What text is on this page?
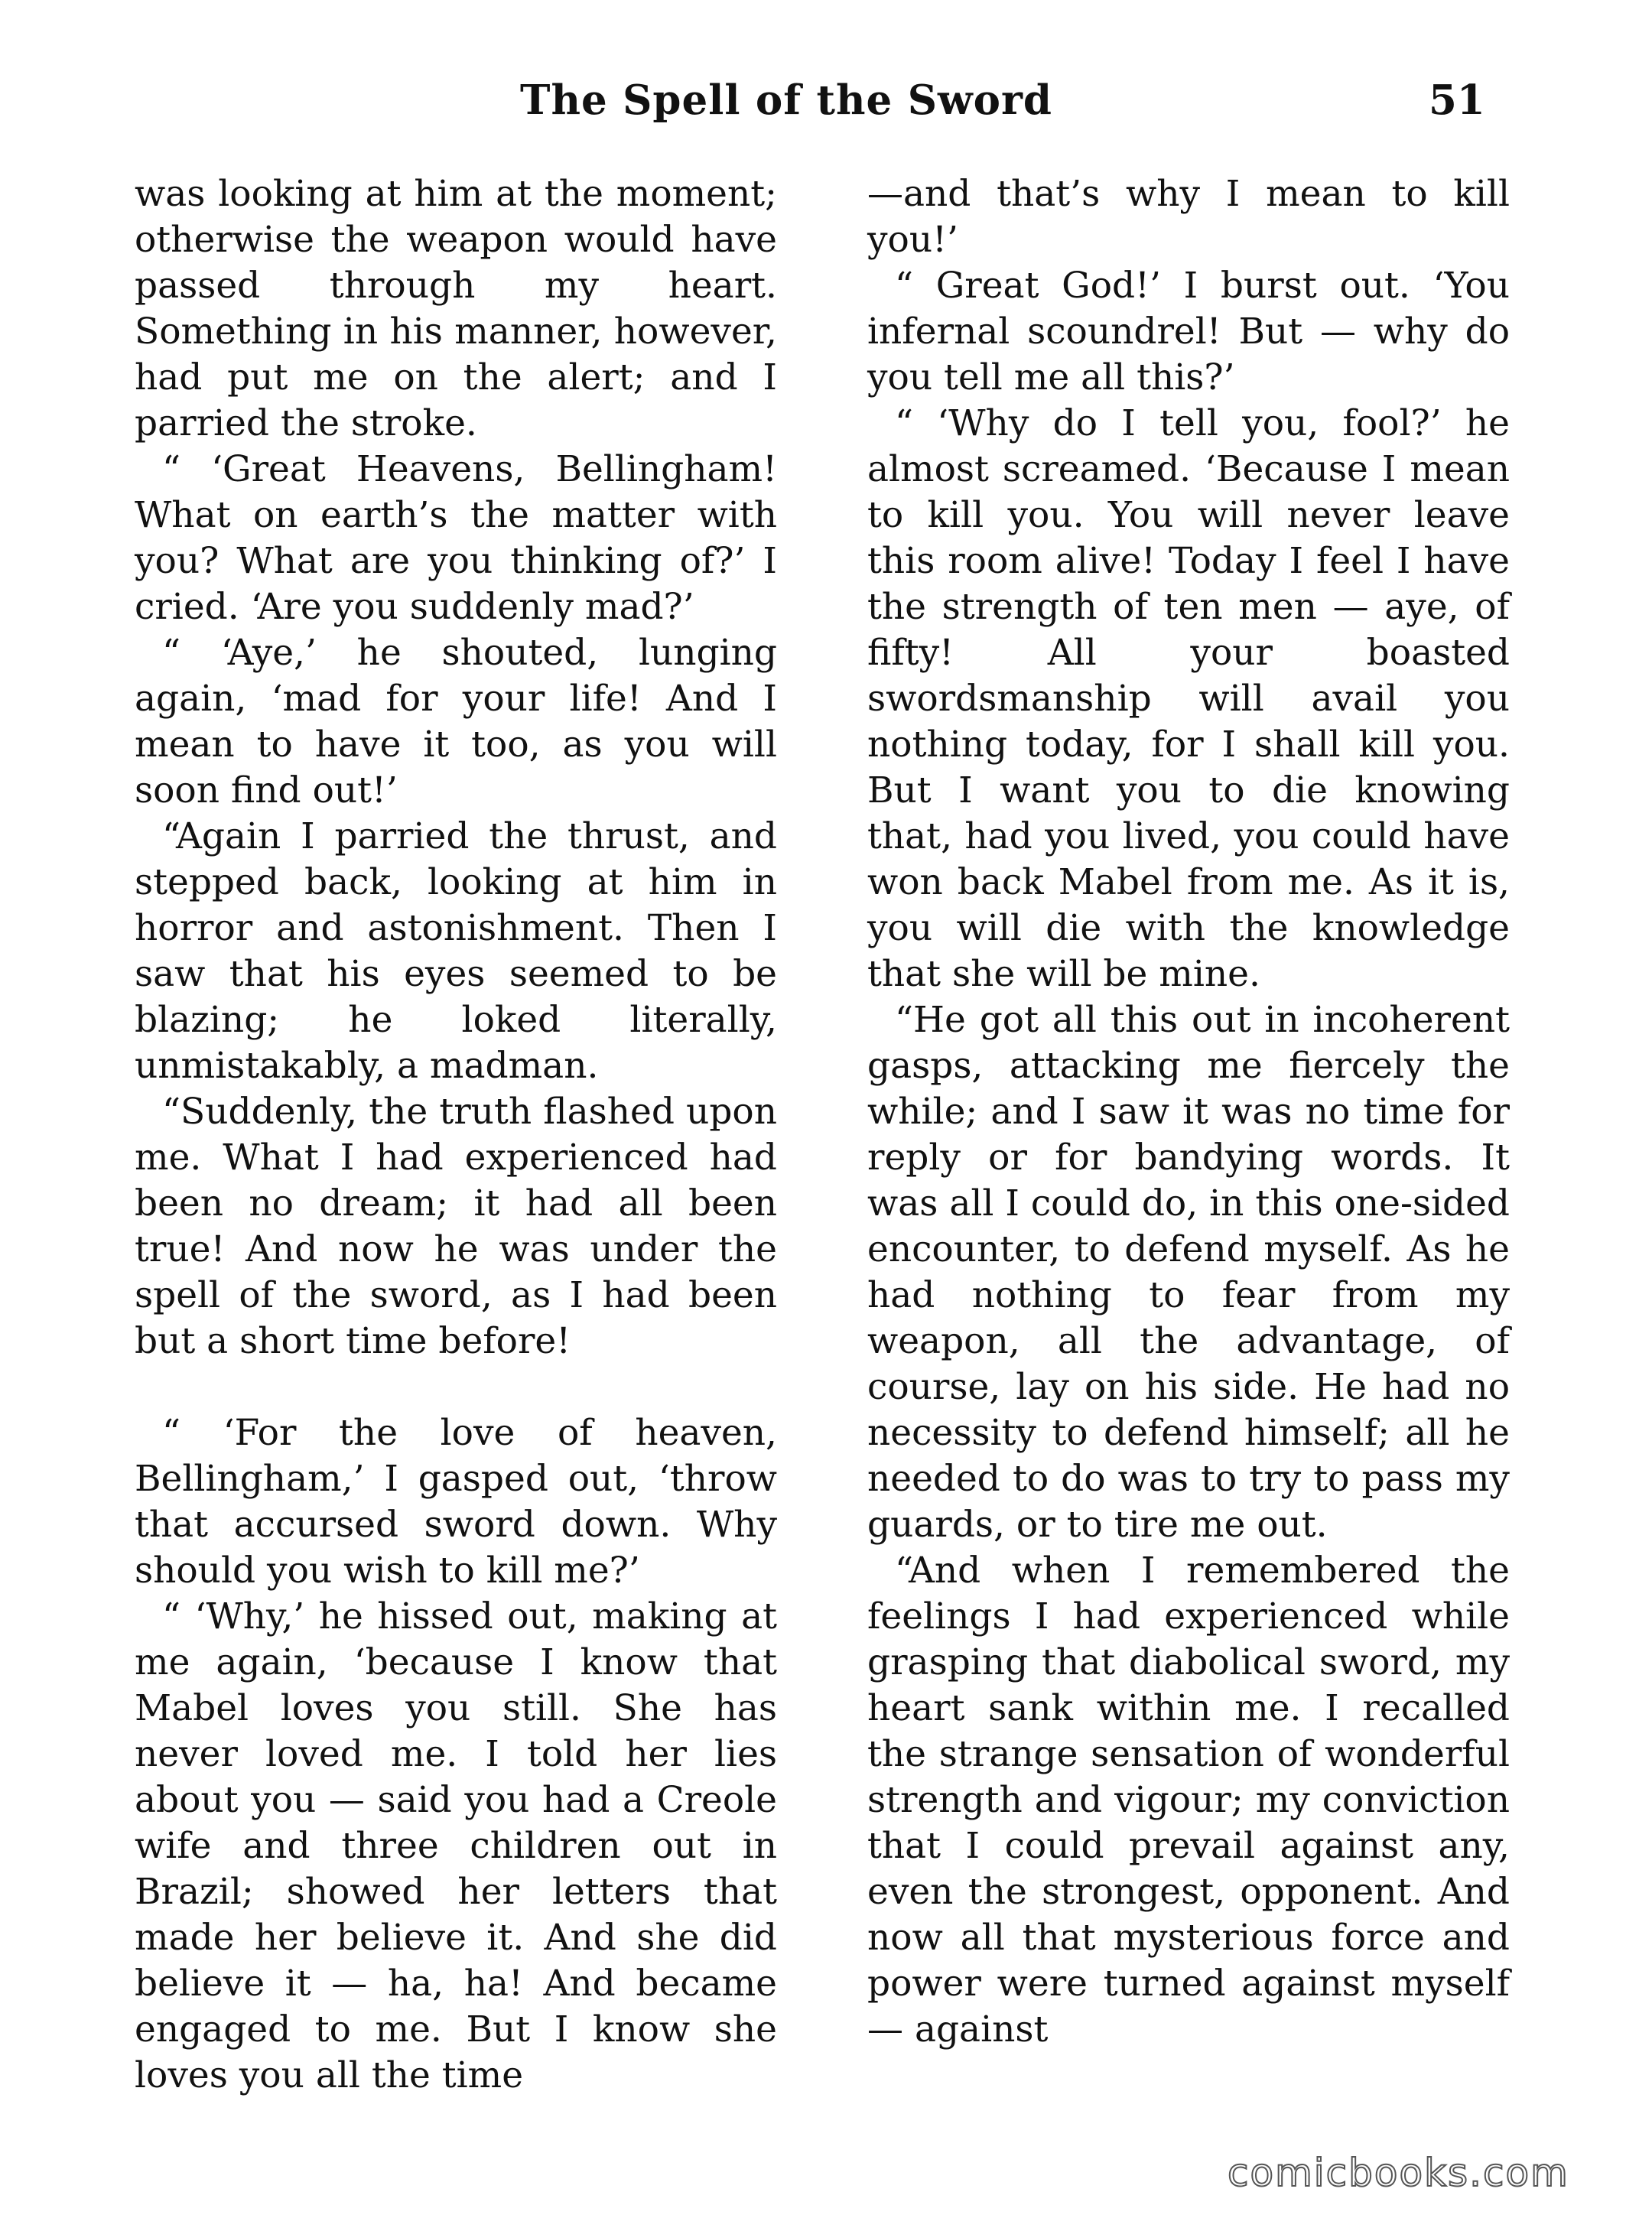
The Spell of the Sword	51

was looking at him at the moment; otherwise the weapon would have passed through my heart. Something in his manner, however, had put me on the alert; and I parried the stroke.

“ ‘Great Heavens, Bellingham! What on earth’s the matter with you? What are you thinking of?’ I cried. ‘Are you suddenly mad?’

“ ‘Aye,’ he shouted, lunging again, ‘mad for your life! And I mean to have it too, as you will soon find out!’

“Again I parried the thrust, and stepped back, looking at him in horror and astonishment. Then I saw that his eyes seemed to be blazing; he loked literally, unmistakably, a madman.

“Suddenly, the truth flashed upon me. What I had experienced had been no dream; it had all been true! And now he was under the spell of the sword, as I had been but a short time before!

“ ‘For the love of heaven, Bellingham,’ I gasped out, ‘throw that accursed sword down. Why should you wish to kill me?’

“ ‘Why,’ he hissed out, making at me again, ‘because I know that Mabel loves you still. She has never loved me. I told her lies about you — said you had a Creole wife and three children out in Brazil; showed her letters that made her believe it. And she did believe it — ha, ha! And became engaged to me. But I know she loves you all the time

—and that’s why I mean to kill you!’

“ Great God!’ I burst out. ‘You infernal scoundrel! But — why do you tell me all this?’

“ ‘Why do I tell you, fool?’ he almost screamed. ‘Because I mean to kill you. You will never leave this room alive! Today I feel I have the strength of ten men — aye, of fifty! All your boasted swordsmanship will avail you nothing today, for I shall kill you. But I want you to die knowing that, had you lived, you could have won back Mabel from me. As it is, you will die with the knowledge that she will be mine.

“He got all this out in incoherent gasps, attacking me fiercely the while; and I saw it was no time for reply or for bandying words. It was all I could do, in this one-sided encounter, to defend myself. As he had nothing to fear from my weapon, all the advantage, of course, lay on his side. He had no necessity to defend himself; all he needed to do was to try to pass my guards, or to tire me out.

“And when I remembered the feelings I had experienced while grasping that diabolical sword, my heart sank within me. I recalled the strange sensation of wonderful strength and vigour; my conviction that I could prevail against any, even the strongest, opponent. And now all that mysterious force and power were turned against myself — against

comicbooks.com
